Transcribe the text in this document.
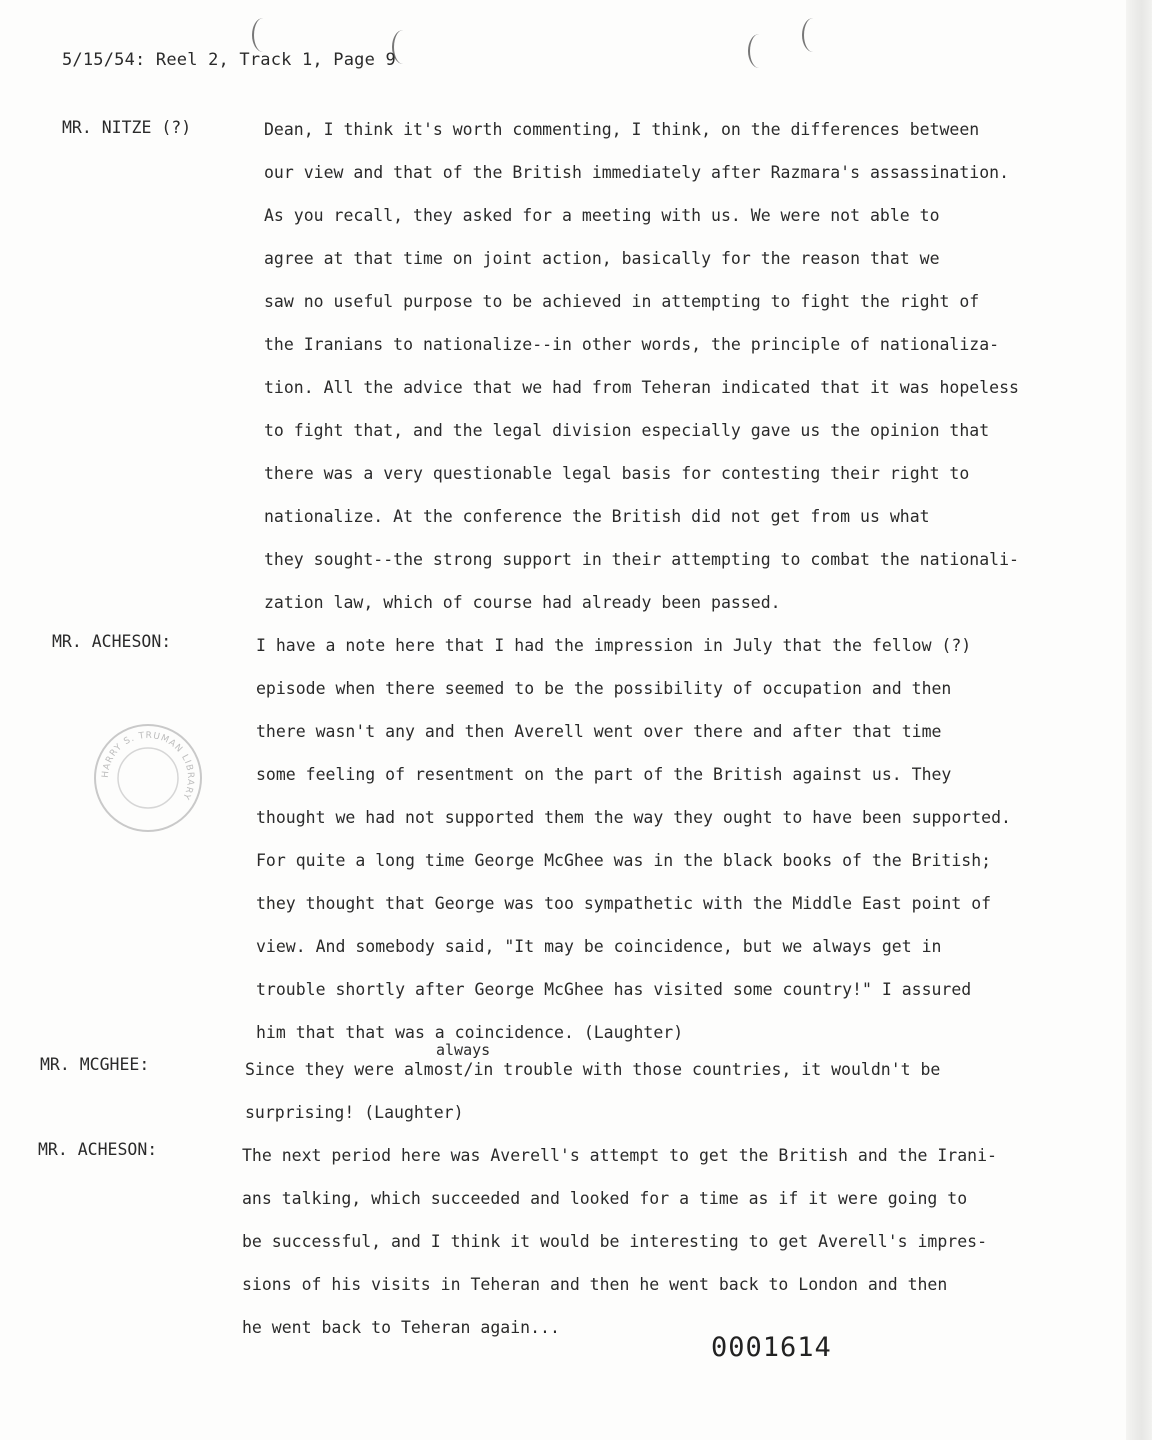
5/15/54: Reel 2, Track 1, Page 9
MR. NITZE (?)	Dean, I think it's worth commenting, I think, on the differences between
our view and that of the British immediately after Razmara's assassination.
As you recall, they asked for a meeting with us. We were not able to
agree at that time on joint action, basically for the reason that we
saw no useful purpose to be achieved in attempting to fight the right of
the Iranians to nationalize--in other words, the principle of nationaliza-
tion. All the advice that we had from Teheran indicated that it was hopeless
to fight that, and the legal division especially gave us the opinion that
there was a very questionable legal basis for contesting their right to
nationalize. At the conference the British did not get from us what
they sought--the strong support in their attempting to combat the nationali-
zation law, which of course had already been passed.
MR. ACHESON:	I have a note here that I had the impression in July that the fellow (?)
episode when there seemed to be the possibility of occupation and then
there wasn't any and then Averell went over there and after that time
some feeling of resentment on the part of the British against us. They
thought we had not supported them the way they ought to have been supported.
For quite a long time George McGhee was in the black books of the British;
they thought that George was too sympathetic with the Middle East point of
view. And somebody said, "It may be coincidence, but we always get in
trouble shortly after George McGhee has visited some country!" I assured
him that that was a coincidence. (Laughter)
HARRY S. TRUMAN LIBRARY
MR. MCGHEE:
always
Since they were almost/in trouble with those countries, it wouldn't be
surprising! (Laughter)
MR. ACHESON:	The next period here was Averell's attempt to get the British and the Irani-
ans talking, which succeeded and looked for a time as if it were going to
be successful, and I think it would be interesting to get Averell's impres-
sions of his visits in Teheran and then he went back to London and then
he went back to Teheran again...
0001614
